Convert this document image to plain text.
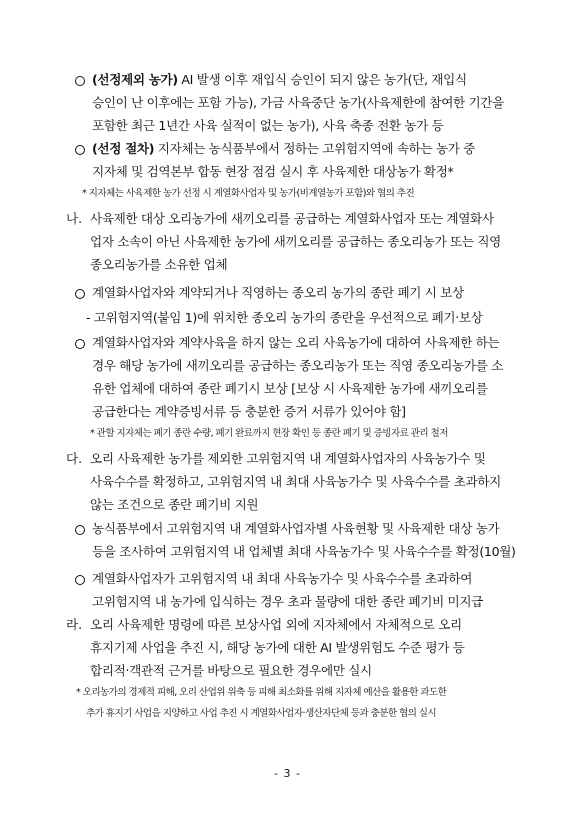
(선정제외 농가) AI 발생 이후 재입식 승인이 되지 않은 농가(단, 재입식
승인이 난 이후에는 포함 가능), 가금 사육중단 농가(사육제한에 참여한 기간을
포함한 최근 1년간 사육 실적이 없는 농가), 사육 축종 전환 농가 등
(선정 절차) 지자체는 농식품부에서 정하는 고위험지역에 속하는 농가 중
지자체 및 검역본부 합동 현장 점검 실시 후 사육제한 대상농가 확정*
* 지자체는 사육제한 농가 선정 시 계열화사업자 및 농가(비계열농가 포함)와 협의 추진
나. 사육제한 대상 오리농가에 새끼오리를 공급하는 계열화사업자 또는 계열화사
업자 소속이 아닌 사육제한 농가에 새끼오리를 공급하는 종오리농가 또는 직영
종오리농가를 소유한 업체
계열화사업자와 계약되거나 직영하는 종오리 농가의 종란 폐기 시 보상
- 고위험지역(붙임 1)에 위치한 종오리 농가의 종란을 우선적으로 폐기‧보상
계열화사업자와 계약사육을 하지 않는 오리 사육농가에 대하여 사육제한 하는
경우 해당 농가에 새끼오리를 공급하는 종오리농가 또는 직영 종오리농가를 소
유한 업체에 대하여 종란 폐기시 보상 [보상 시 사육제한 농가에 새끼오리를
공급한다는 계약증빙서류 등 충분한 증거 서류가 있어야 함]
* 관할 지자체는 폐기 종란 수량, 폐기 완료까지 현장 확인 등 종란 폐기 및 증빙자료 관리 철저
다. 오리 사육제한 농가를 제외한 고위험지역 내 계열화사업자의 사육농가수 및
사육수수를 확정하고, 고위험지역 내 최대 사육농가수 및 사육수수를 초과하지
않는 조건으로 종란 폐기비 지원
농식품부에서 고위험지역 내 계열화사업자별 사육현황 및 사육제한 대상 농가
등을 조사하여 고위험지역 내 업체별 최대 사육농가수 및 사육수수를 확정(10월)
계열화사업자가 고위험지역 내 최대 사육농가수 및 사육수수를 초과하여
고위험지역 내 농가에 입식하는 경우 초과 물량에 대한 종란 폐기비 미지급
라. 오리 사육제한 명령에 따른 보상사업 외에 지자체에서 자체적으로 오리
휴지기제 사업을 추진 시, 해당 농가에 대한 AI 발생위험도 수준 평가 등
합리적‧객관적 근거를 바탕으로 필요한 경우에만 실시
* 오리농가의 경제적 피해, 오리 산업위 위축 등 피해 최소화를 위해 지자체 예산을 활용한 과도한
추가 휴지기 사업을 지양하고 사업 추진 시 계열화사업자‧생산자단체 등과 충분한 협의 실시
- 3 -
